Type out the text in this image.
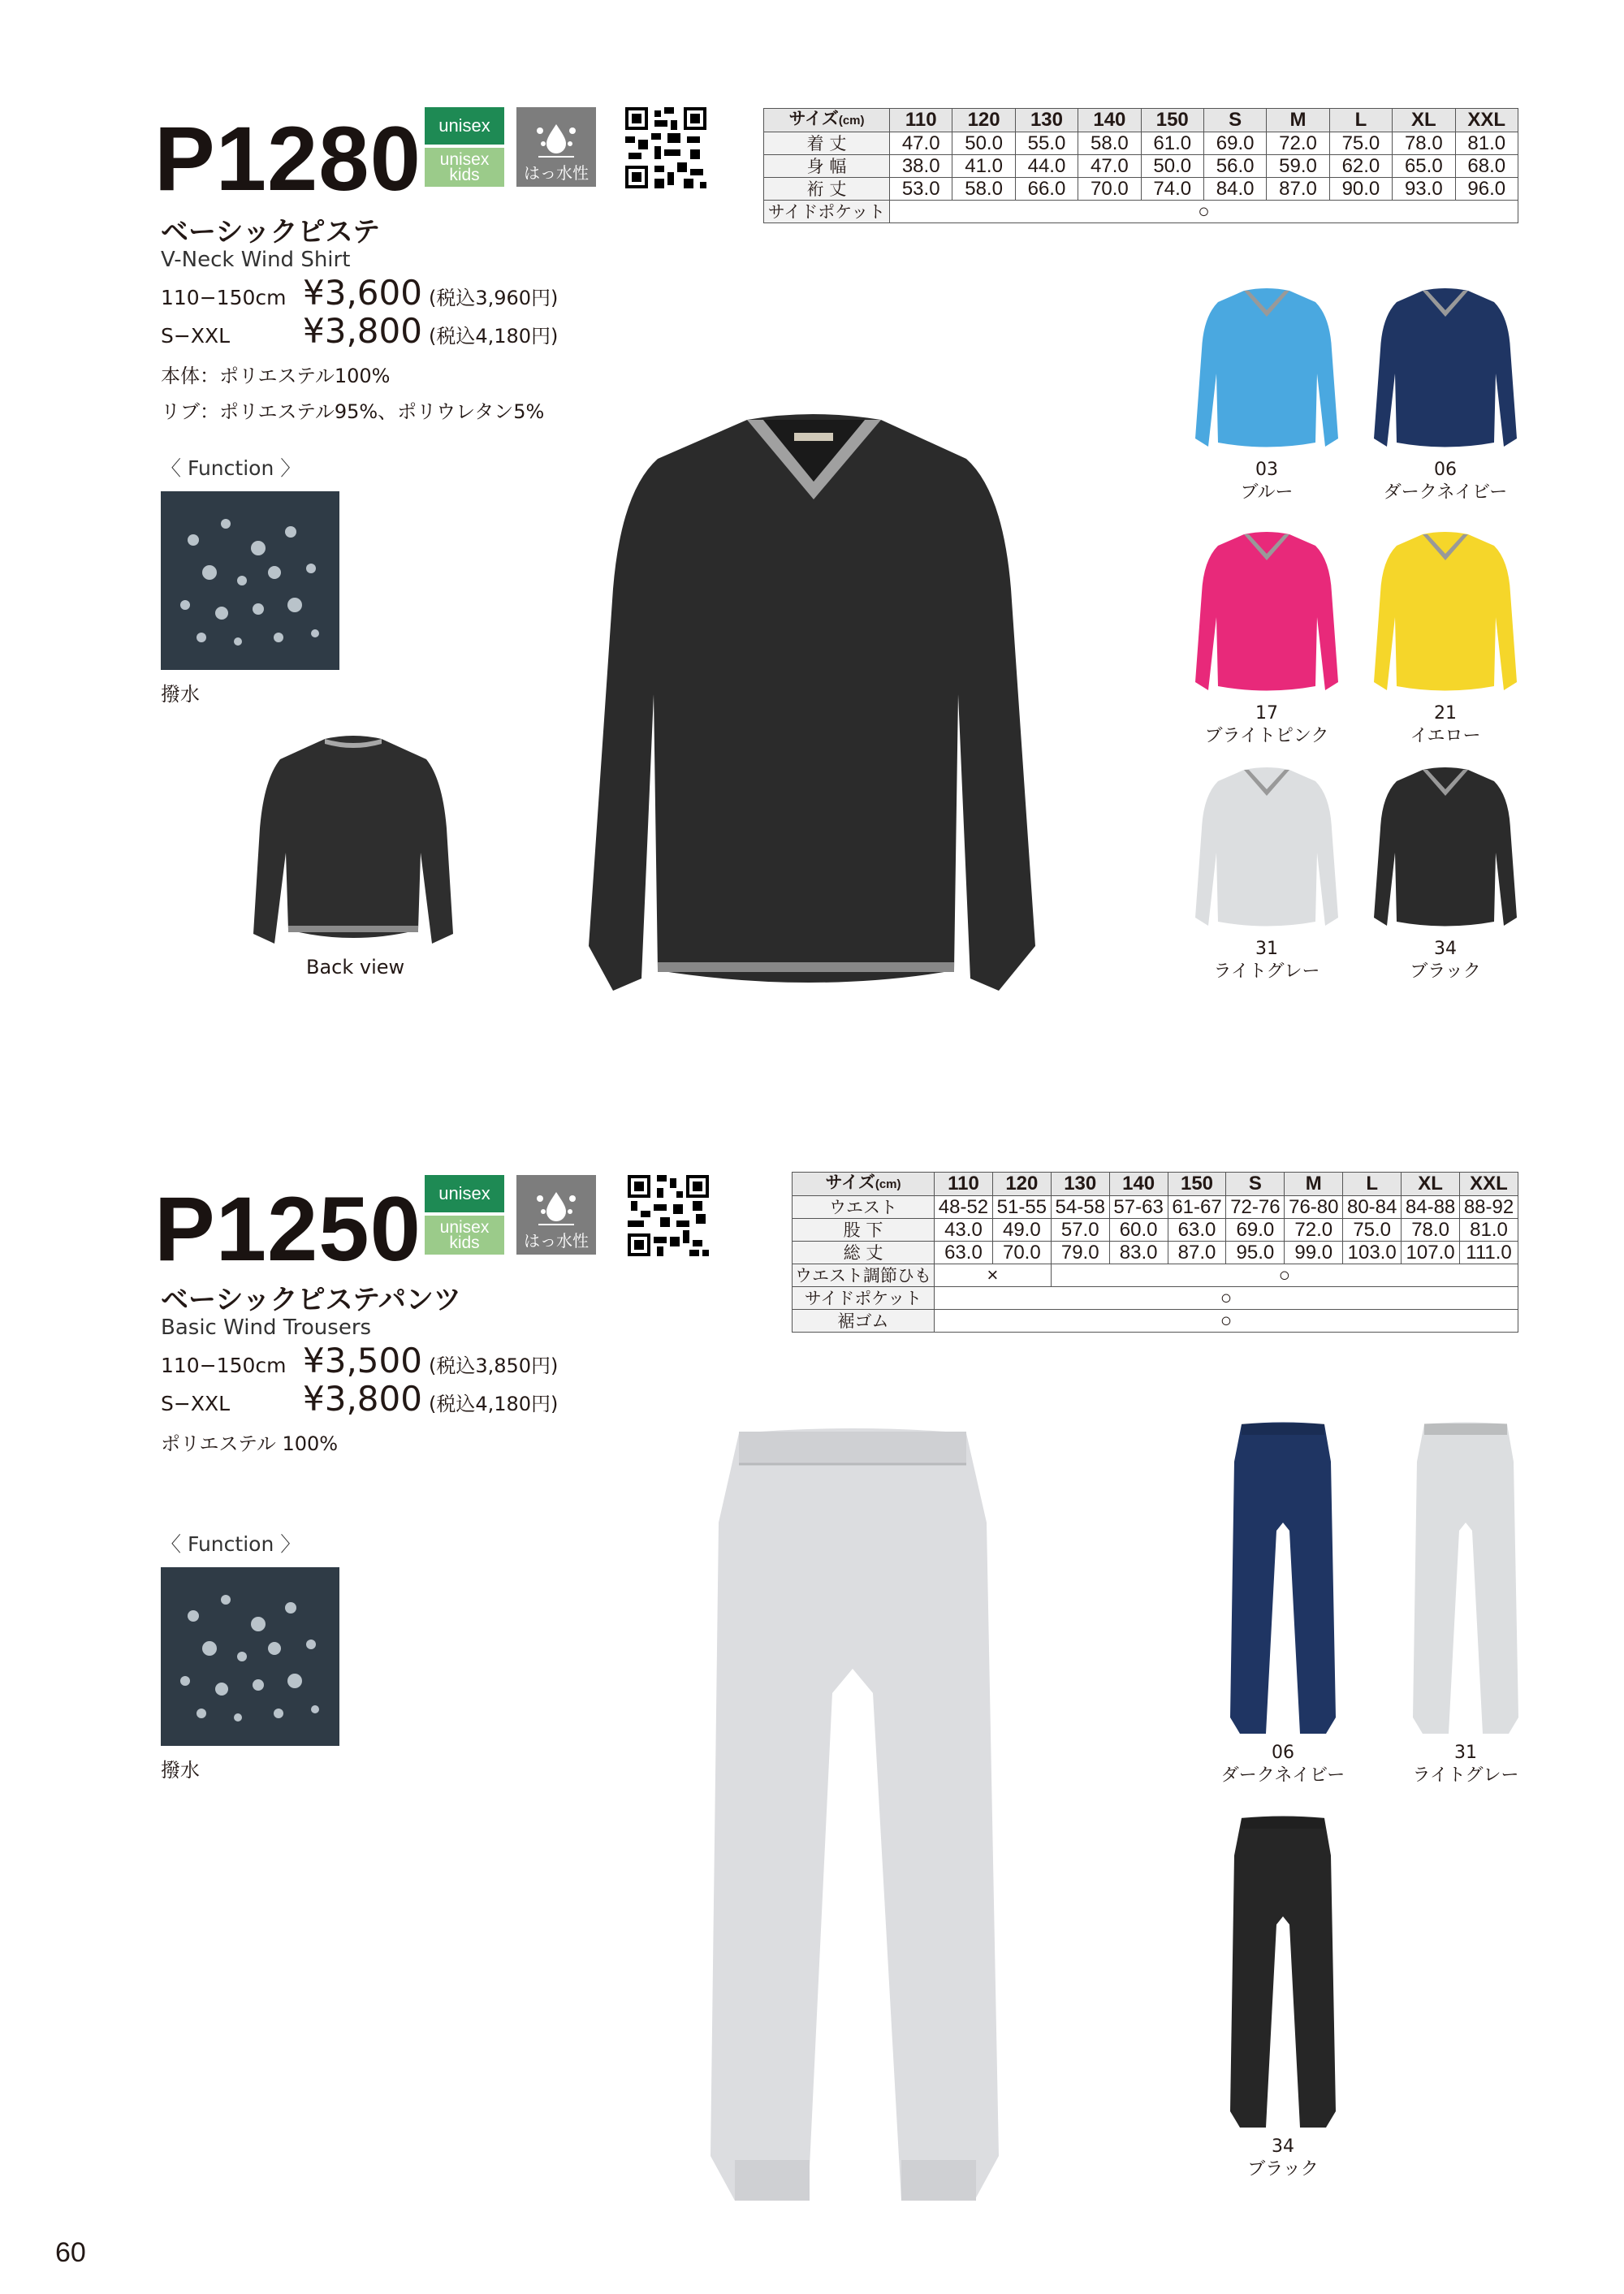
P1280 unisex
unisex
kids	はっ水性
ベーシックピステ
V-Neck Wind Shirt
110−150cm ¥3,600 (税込3,960円)
S−XXL	¥3,800 (税込4,180円)
本体：ポリエステル100%
リブ：ポリエステル95%、ポリウレタン5%
〈 Function 〉
撥水
Back view
サイズ(cm)	110	120	130	140	150	S	M	L	XL	XXL
着 丈	47.0	50.0	55.0	58.0	61.0	69.0	72.0	75.0	78.0	81.0
身 幅	38.0	41.0	44.0	47.0	50.0	56.0	59.0	62.0	65.0	68.0
裄 丈	53.0	58.0	66.0	70.0	74.0	84.0	87.0	90.0	93.0	96.0
サイドポケット	○									
03
ブルー
06
ダークネイビー
17
ブライトピンク
21
イエロー
31
ライトグレー
34
ブラック
P1250 unisex
unisex
kids	はっ水性
ベーシックピステパンツ
Basic Wind Trousers
110−150cm ¥3,500 (税込3,850円)
S−XXL	¥3,800 (税込4,180円)
ポリエステル 100%
〈 Function 〉
撥水
サイズ(cm)	110	120	130	140	150	S	M	L	XL	XXL
ウエスト	48-52	51-55	54-58	57-63	61-67	72-76	76-80	80-84	84-88	88-92
股 下	43.0	49.0	57.0	60.0	63.0	69.0	72.0	75.0	78.0	81.0
総 丈	63.0	70.0	79.0	83.0	87.0	95.0	99.0	103.0	107.0	111.0
ウエスト調節ひも	×		○							
サイドポケット	○									
裾ゴム	○									
06
ダークネイビー
31
ライトグレー
34
ブラック
60
